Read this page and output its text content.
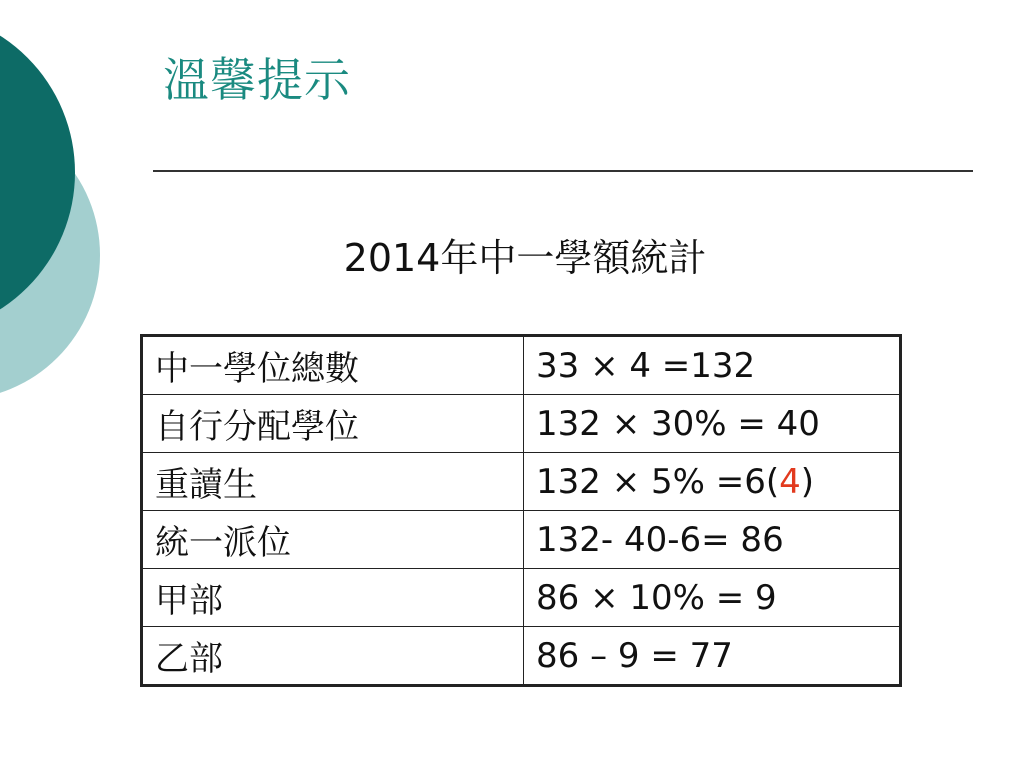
溫馨提示
2014年中一學額統計
中一學位總數	33 × 4 =132
自行分配學位	132 × 30% = 40
重讀生	132 × 5% =6(4)
統一派位	132- 40-6= 86
甲部	86 × 10% = 9
乙部	86 – 9 = 77
